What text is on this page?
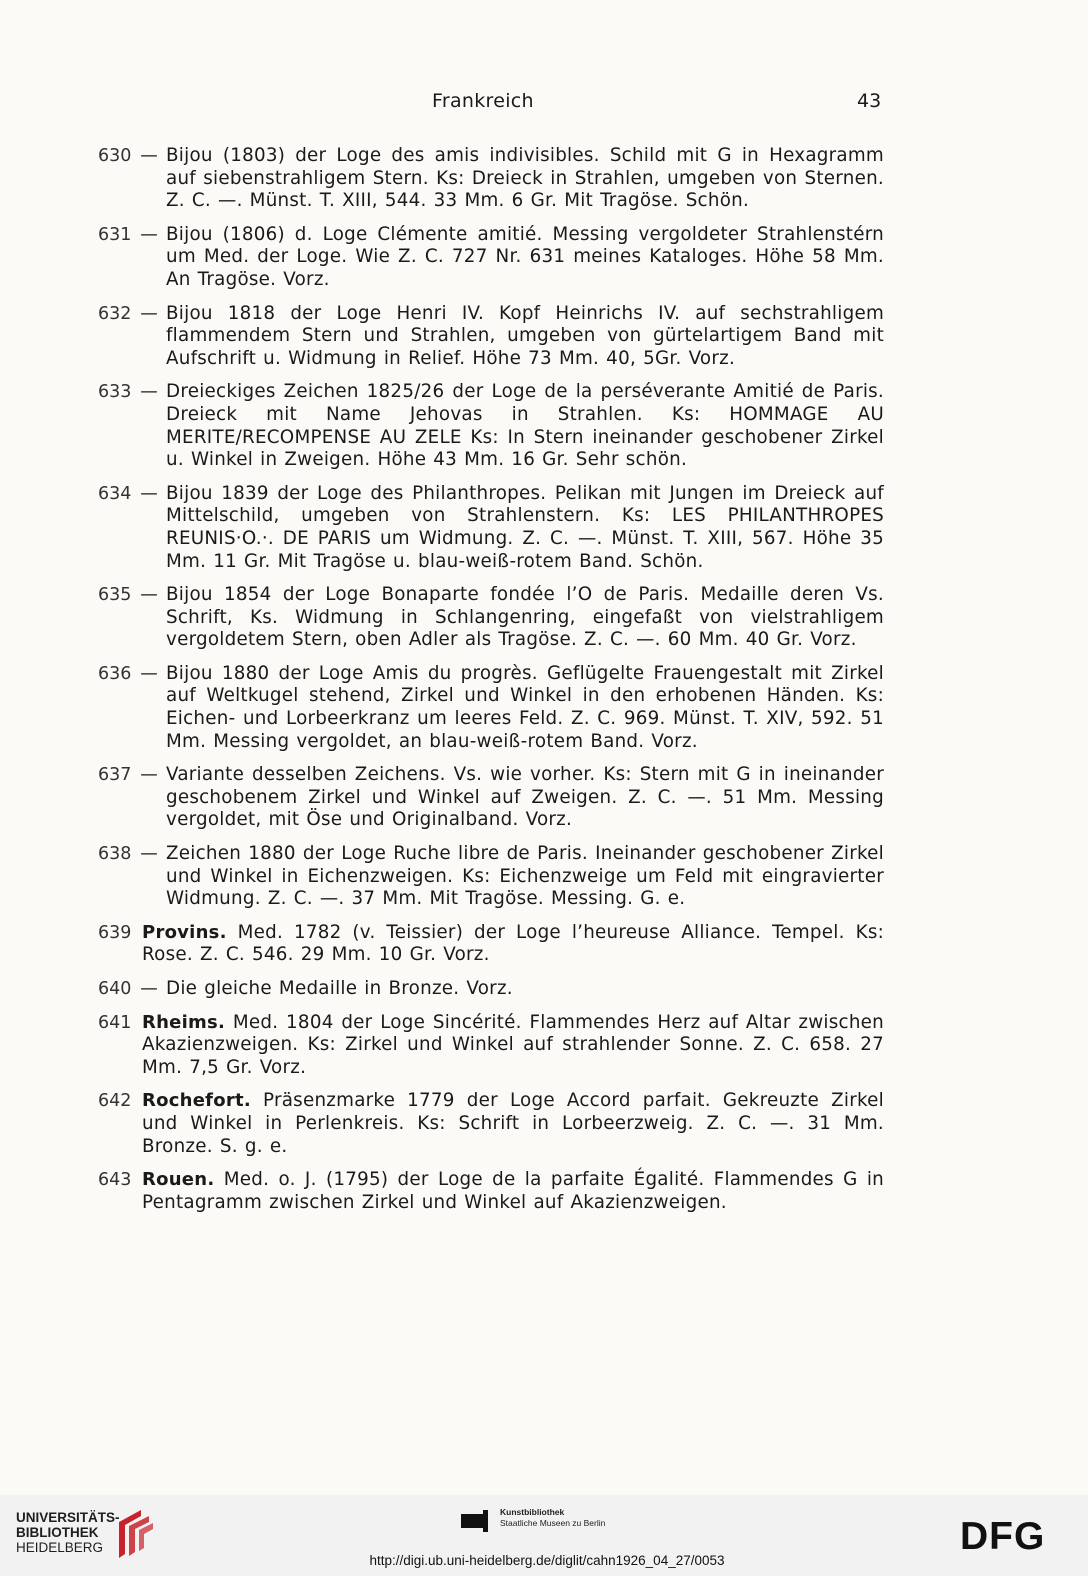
Frankreich	43
630 — Bijou (1803) der Loge des amis indivisibles. Schild mit G in Hexagramm auf siebenstrahligem Stern. Ks: Dreieck in Strahlen, umgeben von Sternen. Z. C. —. Münst. T. XIII, 544. 33 Mm. 6 Gr. Mit Tragöse. Schön.

631 — Bijou (1806) d. Loge Clémente amitié. Messing vergoldeter Strahlenstérn um Med. der Loge. Wie Z. C. 727 Nr. 631 meines Kataloges. Höhe 58 Mm. An Tragöse. Vorz.

632 — Bijou 1818 der Loge Henri IV. Kopf Heinrichs IV. auf sechstrahligem flammendem Stern und Strahlen, umgeben von gürtelartigem Band mit Aufschrift u. Widmung in Relief. Höhe 73 Mm. 40, 5Gr. Vorz.

633 — Dreieckiges Zeichen 1825/26 der Loge de la perséverante Amitié de Paris. Dreieck mit Name Jehovas in Strahlen. Ks: HOMMAGE AU MERITE/RECOMPENSE AU ZELE Ks: In Stern ineinander geschobener Zirkel u. Winkel in Zweigen. Höhe 43 Mm. 16 Gr. Sehr schön.

634 — Bijou 1839 der Loge des Philanthropes. Pelikan mit Jungen im Dreieck auf Mittelschild, umgeben von Strahlenstern. Ks: LES PHILANTHROPES REUNIS·O.·. DE PARIS um Widmung. Z. C. —. Münst. T. XIII, 567. Höhe 35 Mm. 11 Gr. Mit Tragöse u. blau-weiß-rotem Band. Schön.

635 — Bijou 1854 der Loge Bonaparte fondée l’O de Paris. Medaille deren Vs. Schrift, Ks. Widmung in Schlangenring, eingefaßt von vielstrahligem vergoldetem Stern, oben Adler als Tragöse. Z. C. —. 60 Mm. 40 Gr. Vorz.

636 — Bijou 1880 der Loge Amis du progrès. Geflügelte Frauengestalt mit Zirkel auf Weltkugel stehend, Zirkel und Winkel in den erhobenen Händen. Ks: Eichen- und Lorbeerkranz um leeres Feld. Z. C. 969. Münst. T. XIV, 592. 51 Mm. Messing vergoldet, an blau-weiß-rotem Band. Vorz.

637 — Variante desselben Zeichens. Vs. wie vorher. Ks: Stern mit G in ineinander geschobenem Zirkel und Winkel auf Zweigen. Z. C. —. 51 Mm. Messing vergoldet, mit Öse und Originalband. Vorz.

638 — Zeichen 1880 der Loge Ruche libre de Paris. Ineinander geschobener Zirkel und Winkel in Eichenzweigen. Ks: Eichenzweige um Feld mit eingravierter Widmung. Z. C. —. 37 Mm. Mit Tragöse. Messing. G. e.

639 Provins. Med. 1782 (v. Teissier) der Loge l’heureuse Alliance. Tempel. Ks: Rose. Z. C. 546. 29 Mm. 10 Gr. Vorz.

640 — Die gleiche Medaille in Bronze. Vorz.

641 Rheims. Med. 1804 der Loge Sincérité. Flammendes Herz auf Altar zwischen Akazienzweigen. Ks: Zirkel und Winkel auf strahlender Sonne. Z. C. 658. 27 Mm. 7,5 Gr. Vorz.

642 Rochefort. Präsenzmarke 1779 der Loge Accord parfait. Gekreuzte Zirkel und Winkel in Perlenkreis. Ks: Schrift in Lorbeerzweig. Z. C. —. 31 Mm. Bronze. S. g. e.

643 Rouen. Med. o. J. (1795) der Loge de la parfaite Égalité. Flammendes G in Pentagramm zwischen Zirkel und Winkel auf Akazienzweigen.

UNIVERSITÄTS-
BIBLIOTHEK
HEIDELBERG
Kunstbibliothek
Staatliche Museen zu Berlin	DFG
http://digi.ub.uni-heidelberg.de/diglit/cahn1926_04_27/0053
